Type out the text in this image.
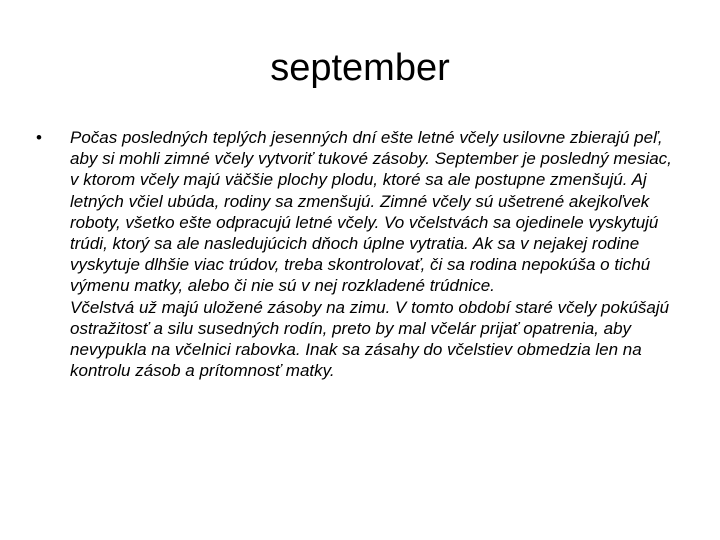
september
• Počas posledných teplých jesenných dní ešte letné včely usilovne zbierajú peľ, aby si mohli zimné včely vytvoriť tukové zásoby. September je posledný mesiac, v ktorom včely majú väčšie plochy plodu, ktoré sa ale postupne zmenšujú. Aj letných včiel ubúda, rodiny sa zmenšujú. Zimné včely sú ušetrené akejkoľvek roboty, všetko ešte odpracujú letné včely. Vo včelstvách sa ojedinele vyskytujú trúdi, ktorý sa ale nasledujúcich dňoch úplne vytratia. Ak sa v nejakej rodine vyskytuje dlhšie viac trúdov, treba skontrolovať, či sa rodina nepokúša o tichú výmenu matky, alebo či nie sú v nej rozkladené trúdnice.
Včelstvá už majú uložené zásoby na zimu. V tomto období staré včely pokúšajú ostražitosť a silu susedných rodín, preto by mal včelár prijať opatrenia, aby nevypukla na včelnici rabovka. Inak sa zásahy do včelstiev obmedzia len na kontrolu zásob a prítomnosť matky.
